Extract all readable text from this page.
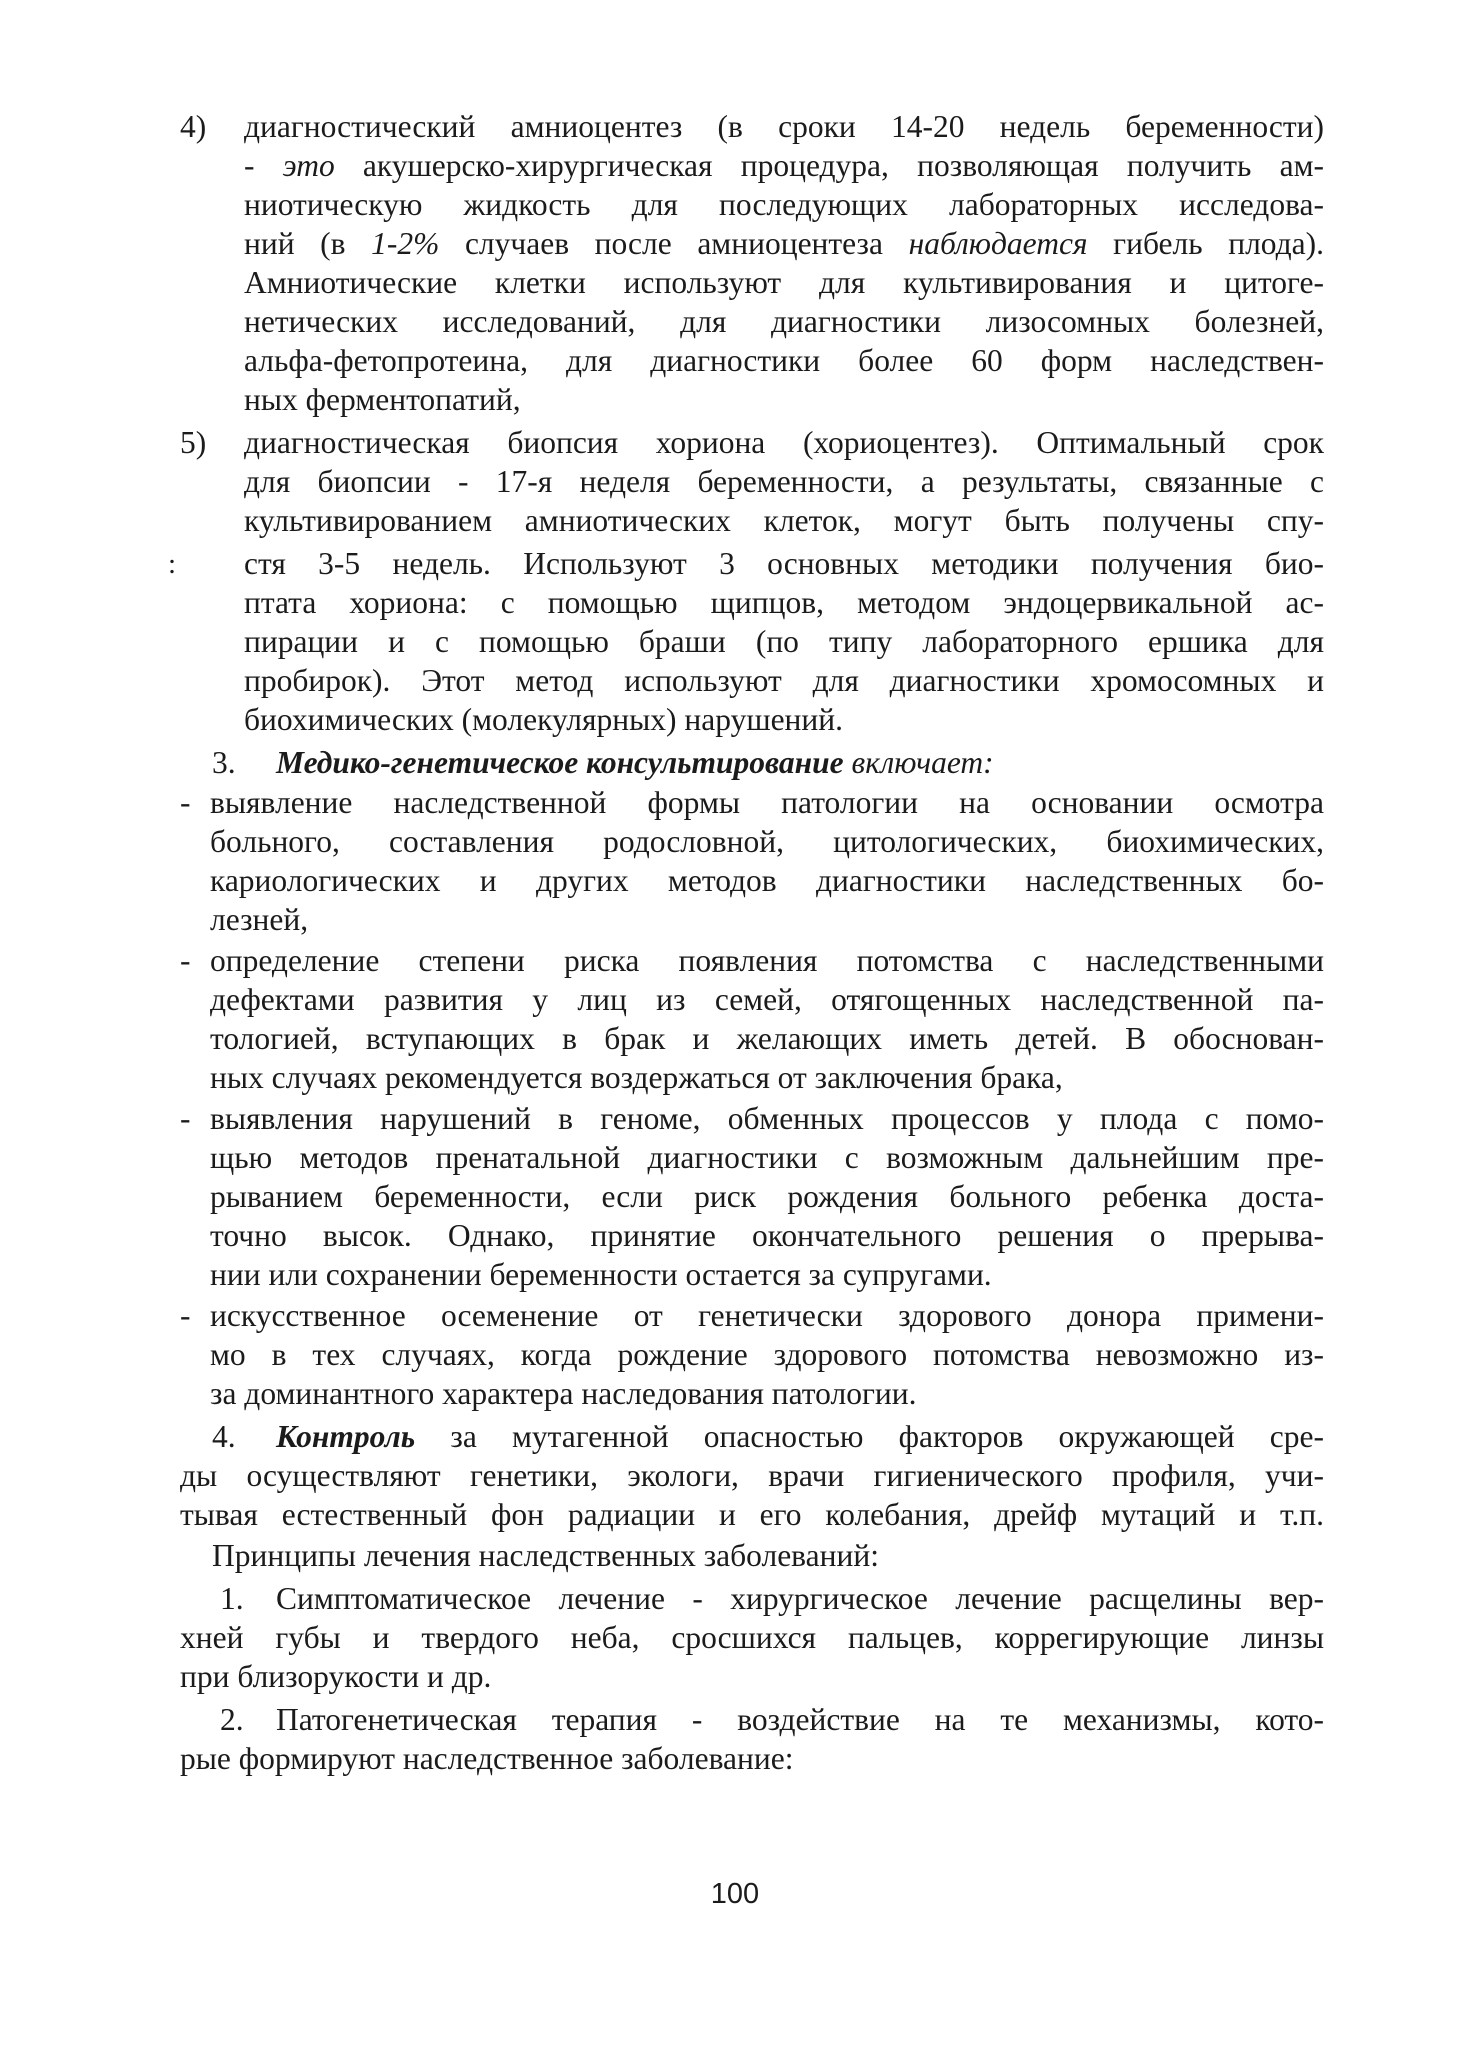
4) диагностический амниоцентез (в сроки 14-20 недель беременности)
- это акушерско-хирургическая процедура, позволяющая получить ам-
ниотическую жидкость для последующих лабораторных исследова-
ний (в 1-2% случаев после амниоцентеза наблюдается гибель плода).
Амниотические клетки используют для культивирования и цитоге-
нетических исследований, для диагностики лизосомных болезней,
альфа-фетопротеина, для диагностики более 60 форм наследствен-
ных ферментопатий,
5) диагностическая биопсия хориона (хориоцентез). Оптимальный срок
для биопсии - 17-я неделя беременности, а результаты, связанные с
культивированием амниотических клеток, могут быть получены спу-
: стя 3-5 недель. Используют 3 основных методики получения био-
птата хориона: с помощью щипцов, методом эндоцервикальной ас-
пирации и с помощью браши (по типу лабораторного ершика для
пробирок). Этот метод используют для диагностики хромосомных и
биохимических (молекулярных) нарушений.
3. Медико-генетическое консультирование включает:
- выявление наследственной формы патологии на основании осмотра
больного, составления родословной, цитологических, биохимических,
кариологических и других методов диагностики наследственных бо-
лезней,
- определение степени риска появления потомства с наследственными
дефектами развития у лиц из семей, отягощенных наследственной па-
тологией, вступающих в брак и желающих иметь детей. В обоснован-
ных случаях рекомендуется воздержаться от заключения брака,
- выявления нарушений в геноме, обменных процессов у плода с помо-
щью методов пренатальной диагностики с возможным дальнейшим пре-
рыванием беременности, если риск рождения больного ребенка доста-
точно высок. Однако, принятие окончательного решения о прерыва-
нии или сохранении беременности остается за супругами.
- искусственное осеменение от генетически здорового донора примени-
мо в тех случаях, когда рождение здорового потомства невозможно из-
за доминантного характера наследования патологии.
4. Контроль за мутагенной опасностью факторов окружающей сре-
ды осуществляют генетики, экологи, врачи гигиенического профиля, учи-
тывая естественный фон радиации и его колебания, дрейф мутаций и т.п.
Принципы лечения наследственных заболеваний:
1. Симптоматическое лечение - хирургическое лечение расщелины вер-
хней губы и твердого неба, сросшихся пальцев, коррегирующие линзы
при близорукости и др.
2. Патогенетическая терапия - воздействие на те механизмы, кото-
рые формируют наследственное заболевание:
100
